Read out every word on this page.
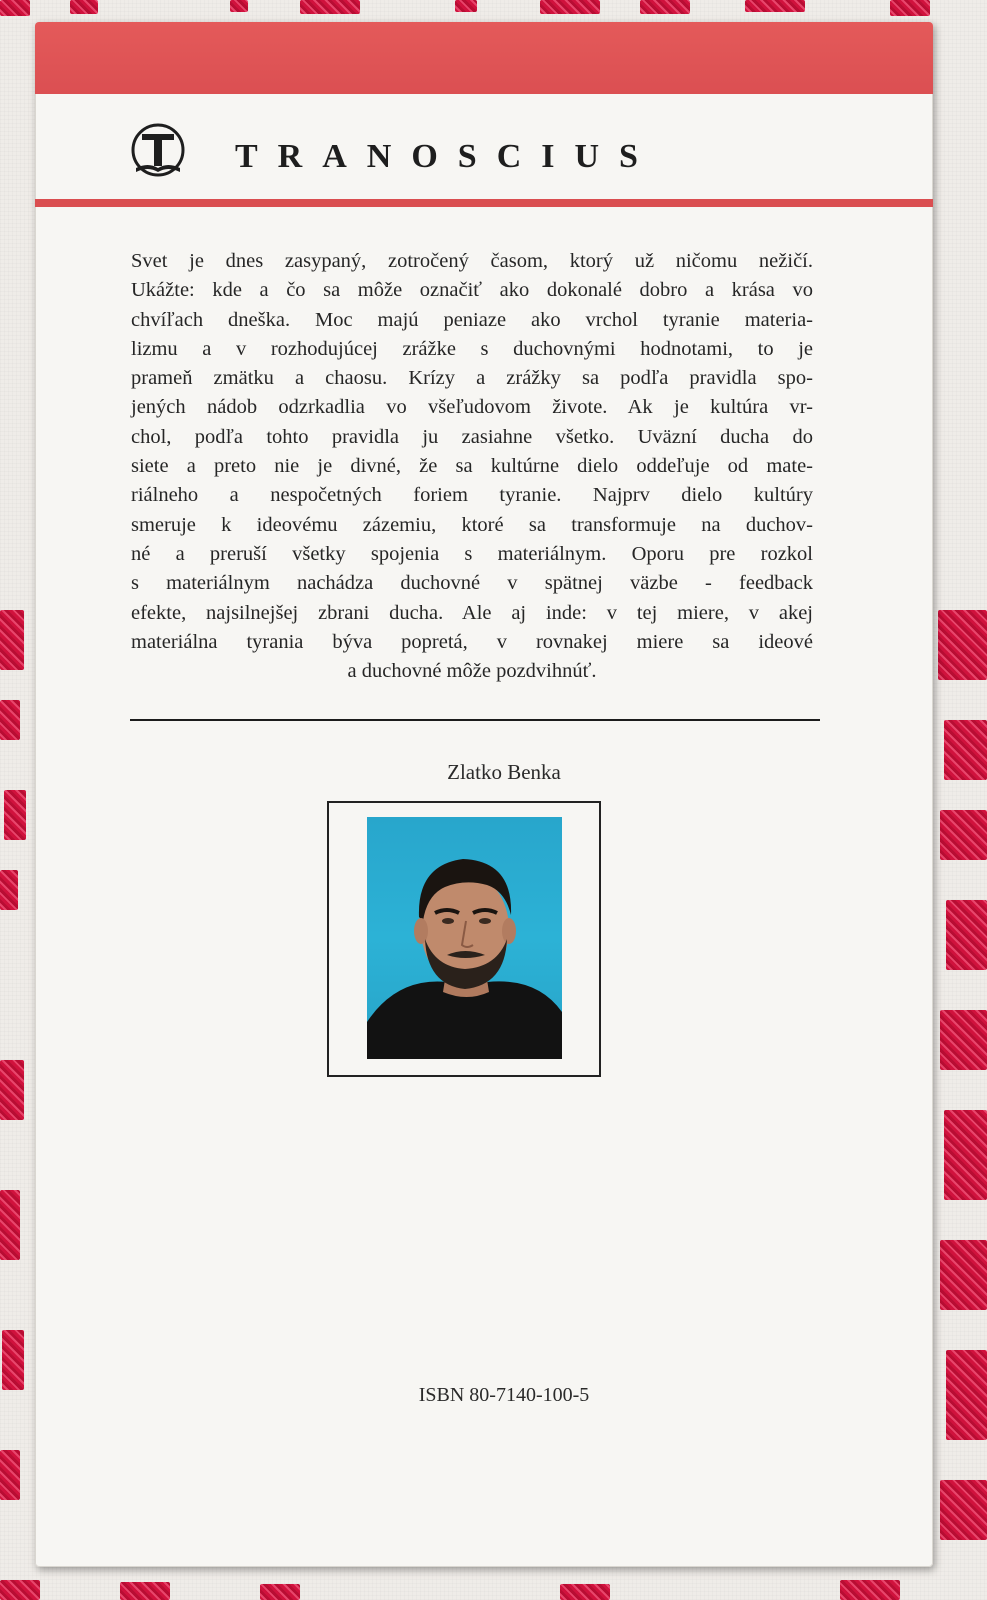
TRANOSCIUS
Svet je dnes zasypaný, zotročený časom, ktorý už ničomu nežičí.
Ukážte: kde a čo sa môže označiť ako dokonalé dobro a krása vo
chvíľach dneška. Moc majú peniaze ako vrchol tyranie materia-
lizmu a v rozhodujúcej zrážke s duchovnými hodnotami, to je
prameň zmätku a chaosu. Krízy a zrážky sa podľa pravidla spo-
jených nádob odzrkadlia vo všeľudovom živote. Ak je kultúra vr-
chol, podľa tohto pravidla ju zasiahne všetko. Uväzní ducha do
siete a preto nie je divné, že sa kultúrne dielo oddeľuje od mate-
riálneho a nespočetných foriem tyranie. Najprv dielo kultúry
smeruje k ideovému zázemiu, ktoré sa transformuje na duchov-
né a preruší všetky spojenia s materiálnym. Oporu pre rozkol
s materiálnym nachádza duchovné v spätnej väzbe - feedback
efekte, najsilnejšej zbrani ducha. Ale aj inde: v tej miere, v akej
materiálna tyrania býva popretá, v rovnakej miere sa ideové
a duchovné môže pozdvihnúť.
Zlatko Benka
ISBN 80-7140-100-5
